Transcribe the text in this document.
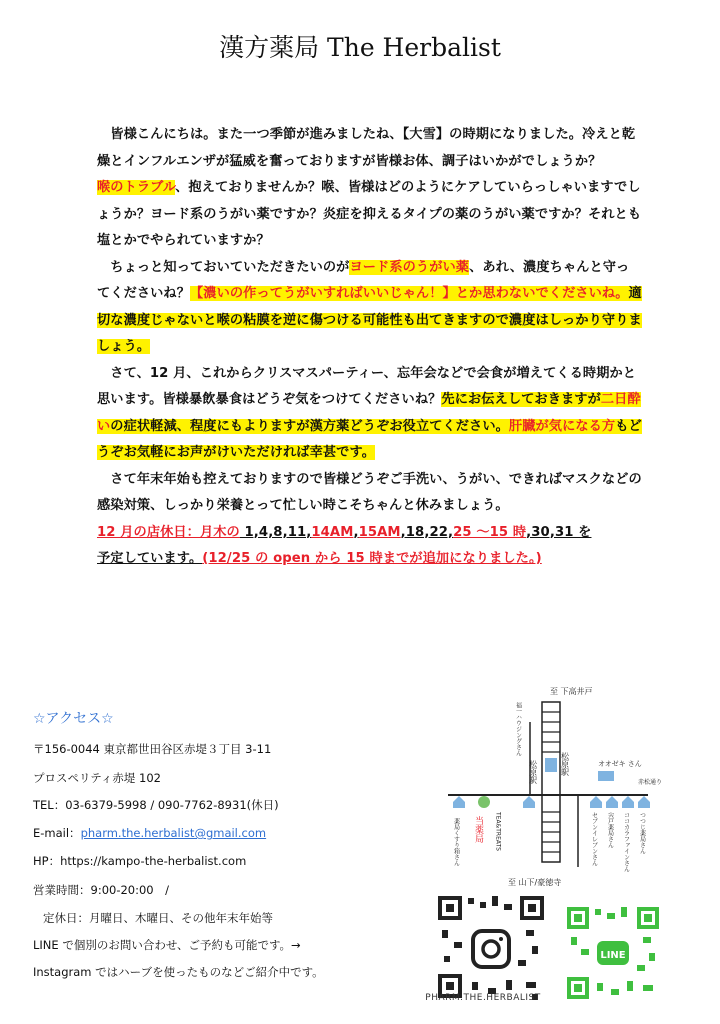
漢方薬局 The Herbalist

　皆様こんにちは。また一つ季節が進みましたね、【大雪】の時期になりました。冷えと乾燥とインフルエンザが猛威を奮っておりますが皆様お体、調子はいかがでしょうか？

喉のトラブル、抱えておりませんか？喉、皆様はどのようにケアしていらっしゃいますでしょうか？ヨード系のうがい薬ですか？炎症を抑えるタイプの薬のうがい薬ですか？それとも塩とかでやられていますか？

　ちょっと知っておいていただきたいのがヨード系のうがい薬、あれ、濃度ちゃんと守ってくださいね？【濃いの作ってうがいすればいいじゃん！】とか思わないでくださいね。適切な濃度じゃないと喉の粘膜を逆に傷つける可能性も出てきますので濃度はしっかり守りましょう。

　さて、12 月、これからクリスマスパーティー、忘年会などで会食が増えてくる時期かと思います。皆様暴飲暴食はどうぞ気をつけてくださいね？先にお伝えしておきますが二日酔いの症状軽減、程度にもよりますが漢方薬どうぞお役立てください。肝臓が気になる方もどうぞお気軽にお声がけいただければ幸甚です。

　さて年末年始も控えておりますので皆様どうぞご手洗い、うがい、できればマスクなどの感染対策、しっかり栄養とって忙しい時こそちゃんと休みましょう。

12 月の店休日：月木の 1,4,8,11,14AM,15AM,18,22,25 ～15 時,30,31 を
予定しています。(12/25 の open から 15 時までが追加になりました。)

☆アクセス☆
〒156-0044 東京都世田谷区赤堤３丁目 3-11
プロスペリティ赤堤 102
TEL：03-6379-5998 / 090-7762-8931(休日)
E-mail：pharm.the.herbalist@gmail.com
HP：https://kampo-the-herbalist.com
営業時間：9:00-20:00　/
定休日：月曜日、木曜日、その他年末年始等
LINE で個別のお問い合わせ、ご予約も可能です。→
Instagram ではハーブを使ったものなどご紹介中です。
至 下高井戸
福一ハウジングさん
松原駅	松原駅	オオゼキ さん
赤松通り
薬局くすり箱さん 当薬局 TEA&TREATS	セブンイレブンさん 宍戸薬局さん ココカラファインさん つつじ薬局さん
至 山下/豪徳寺
PHARM.THE.HERBALIST
LINE
